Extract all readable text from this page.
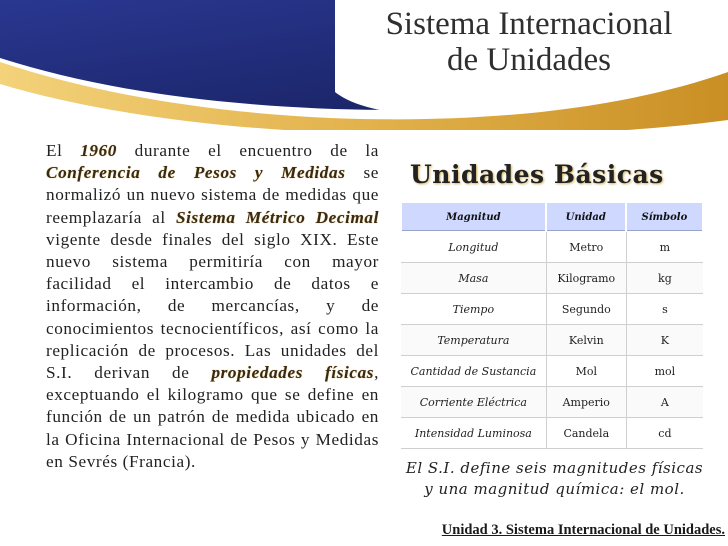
Sistema Internacional
de Unidades
El 1960 durante el encuentro de la Conferencia de Pesos y Medidas se normalizó un nuevo sistema de medidas que reemplazaría al Sistema Métrico Decimal vigente desde finales del siglo XIX. Este nuevo sistema permitiría con mayor facilidad el intercambio de datos e información, de mercancías, y de conocimientos tecnocientíficos, así como la replicación de procesos. Las unidades del S.I. derivan de propiedades físicas, exceptuando el kilogramo que se define en función de un patrón de medida ubicado en la Oficina Internacional de Pesos y Medidas en Sevrés (Francia).
Unidades Básicas
Magnitud	Unidad	Símbolo
Longitud	Metro	m
Masa	Kilogramo	kg
Tiempo	Segundo	s
Temperatura	Kelvin	K
Cantidad de Sustancia	Mol	mol
Corriente Eléctrica	Amperio	A
Intensidad Luminosa	Candela	cd
El S.I. define seis magnitudes físicas
y una magnitud química: el mol.
Unidad 3. Sistema Internacional de Unidades.
